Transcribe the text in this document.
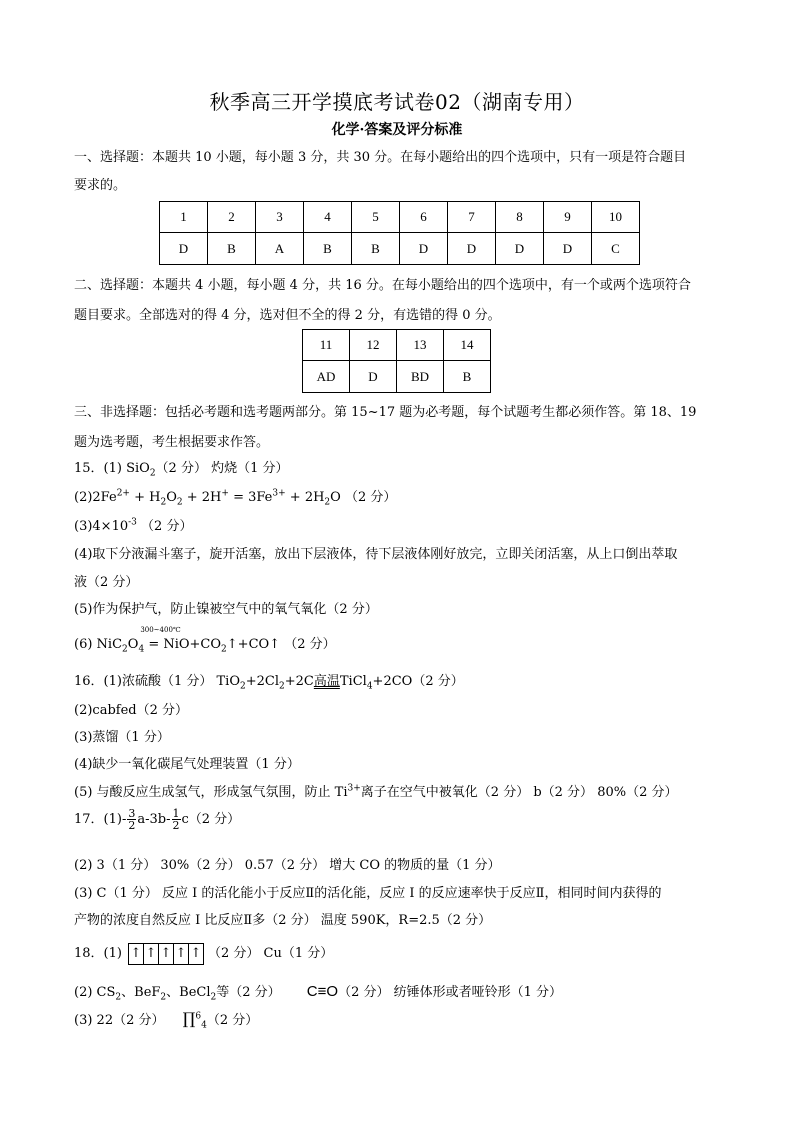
秋季高三开学摸底考试卷02（湖南专用）
化学·答案及评分标准
一、选择题：本题共 10 小题，每小题 3 分，共 30 分。在每小题给出的四个选项中，只有一项是符合题目
要求的。
1	2	3	4	5	6	7	8	9	10
D	B	A	B	B	D	D	D	D	C
二、选择题：本题共 4 小题，每小题 4 分，共 16 分。在每小题给出的四个选项中，有一个或两个选项符合
题目要求。全部选对的得 4 分，选对但不全的得 2 分，有选错的得 0 分。
11	12	13	14
AD	D	BD	B
三、非选择题：包括必考题和选考题两部分。第 15~17 题为必考题，每个试题考生都必须作答。第 18、19
题为选考题，考生根据要求作答。
15．(1) SiO$_2$（2 分） 灼烧（1 分）
$(2)2Fe^{2+} + H_2O_2 + 2H^+ = 3Fe^{3+} + 2H_2O$ （2 分）
$(3)4\times 10^{-3}$ （2 分）
(4)取下分液漏斗塞子，旋开活塞，放出下层液体，待下层液体刚好放完，立即关闭活塞，从上口倒出萃取
液（2 分）
(5)作为保护气，防止镍被空气中的氧气氧化（2 分）
(6) $NiC_2O_4$
300~400℃
= $NiO+CO_2↑+CO↑$ （2 分）
16．(1)浓硫酸（1 分） $TiO_2+2Cl_2+2C$高温TiCl$_4$+2CO（2 分）
(2)cabfed（2 分）
(3)蒸馏（1 分）
(4)缺少一氧化碳尾气处理装置（1 分）
(5) 与酸反应生成氢气，形成氢气氛围，防止 $Ti^{3+}$离子在空气中被氧化（2 分） b（2 分） 80%（2 分）
17．$(1)- \frac{3}{2} a-3b- \frac{1}{2} c(2$ 分）
(2) 3（1 分） 30%（2 分） 0.57（2 分） 增大 CO 的物质的量（1 分）
(3) C（1 分） 反应 I 的活化能小于反应Ⅱ的活化能，反应 I 的反应速率快于反应Ⅱ，相同时间内获得的
产物的浓度自然反应 I 比反应Ⅱ多（2 分） 温度 590K，R=2.5（2 分）
18．(1) ↑ ↑ ↑ ↑ ↑ （2 分） Cu（1 分）
(2) $CS_2$、BeF$_2$、BeCl$_2$等（2 分） C≡O（2 分） 纺锤体形或者哑铃形（1 分）
(3) 22（2 分） ∏$^6_4$（2 分）
